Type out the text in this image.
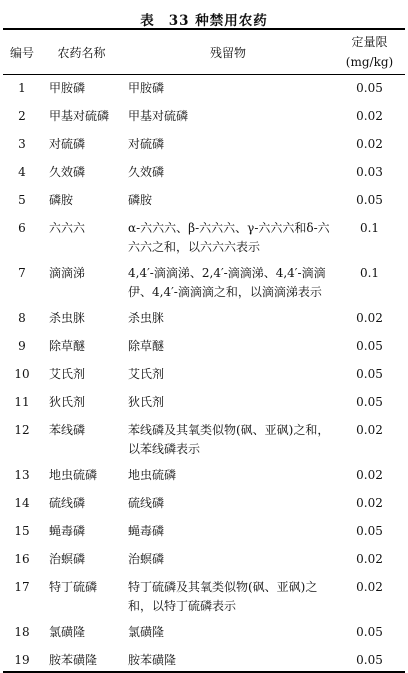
表 33 种禁用农药
编号	农药名称	残留物	定量限
(mg/kg)
1	甲胺磷	甲胺磷	0.05
2	甲基对硫磷	甲基对硫磷	0.02
3	对硫磷	对硫磷	0.02
4	久效磷	久效磷	0.03
5	磷胺	磷胺	0.05
6	六六六	α-六六六、β-六六六、γ-六六六和δ-六六六之和，以六六六表示	0.1
7	滴滴涕	4,4′-滴滴涕、2,4′-滴滴涕、4,4′-滴滴伊、4,4′-滴滴滴之和，以滴滴涕表示	0.1
8	杀虫脒	杀虫脒	0.02
9	除草醚	除草醚	0.05
10	艾氏剂	艾氏剂	0.05
11	狄氏剂	狄氏剂	0.05
12	苯线磷	苯线磷及其氧类似物(砜、亚砜)之和，以苯线磷表示	0.02
13	地虫硫磷	地虫硫磷	0.02
14	硫线磷	硫线磷	0.02
15	蝇毒磷	蝇毒磷	0.05
16	治螟磷	治螟磷	0.02
17	特丁硫磷	特丁硫磷及其氧类似物(砜、亚砜)之和，以特丁硫磷表示	0.02
18	氯磺隆	氯磺隆	0.05
19	胺苯磺隆	胺苯磺隆	0.05
